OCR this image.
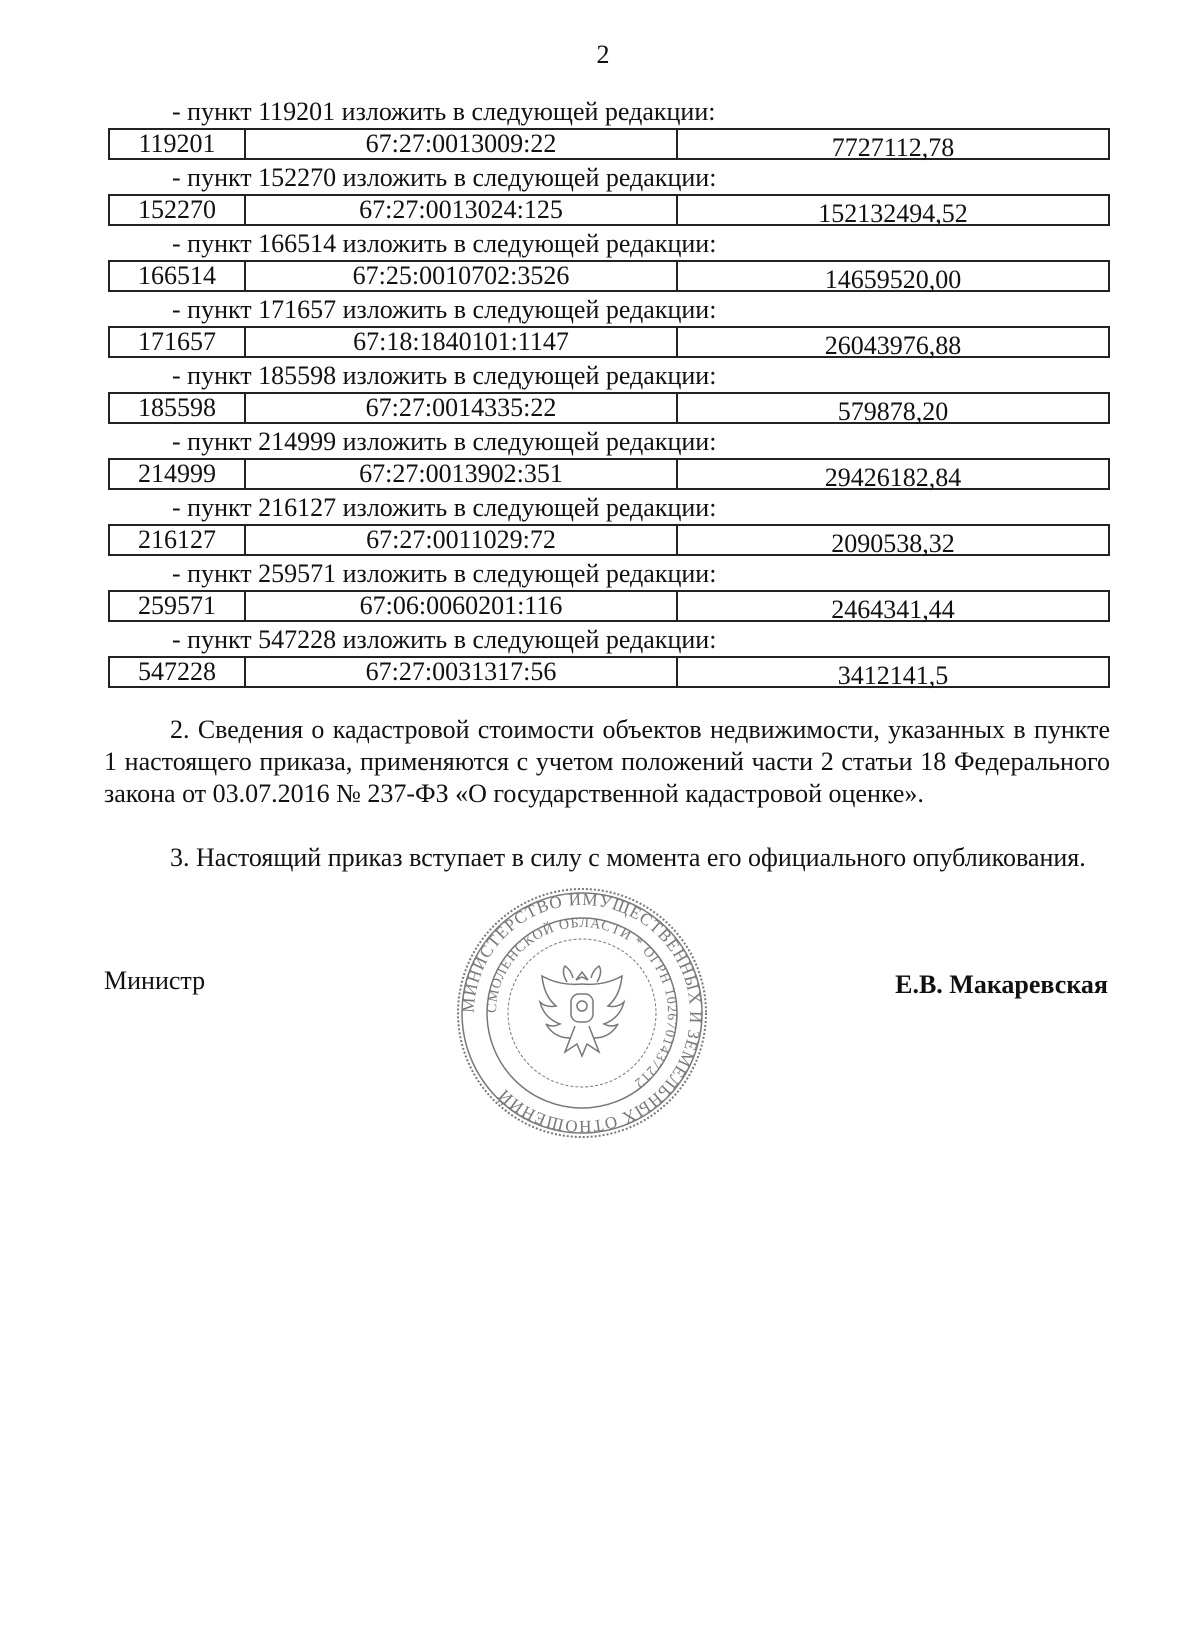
2
- пункт 119201 изложить в следующей редакции:
119201	67:27:0013009:22	7727112,78
- пункт 152270 изложить в следующей редакции:
152270	67:27:0013024:125	152132494,52
- пункт 166514 изложить в следующей редакции:
166514	67:25:0010702:3526	14659520,00
- пункт 171657 изложить в следующей редакции:
171657	67:18:1840101:1147	26043976,88
- пункт 185598 изложить в следующей редакции:
185598	67:27:0014335:22	579878,20
- пункт 214999 изложить в следующей редакции:
214999	67:27:0013902:351	29426182,84
- пункт 216127 изложить в следующей редакции:
216127	67:27:0011029:72	2090538,32
- пункт 259571 изложить в следующей редакции:
259571	67:06:0060201:116	2464341,44
- пункт 547228 изложить в следующей редакции:
547228	67:27:0031317:56	3412141,5
2. Сведения о кадастровой стоимости объектов недвижимости, указанных в пункте 1 настоящего приказа, применяются с учетом положений части 2 статьи 18 Федерального закона от 03.07.2016 № 237-ФЗ «О государственной кадастровой оценке».
3. Настоящий приказ вступает в силу с момента его официального опубликования.
Министр
МИНИСТЕРСТВО ИМУЩЕСТВЕННЫХ И ЗЕМЕЛЬНЫХ ОТНОШЕНИЙ
СМОЛЕНСКОЙ ОБЛАСТИ * ОГРН 1026701437212
Е.В. Макаревская
